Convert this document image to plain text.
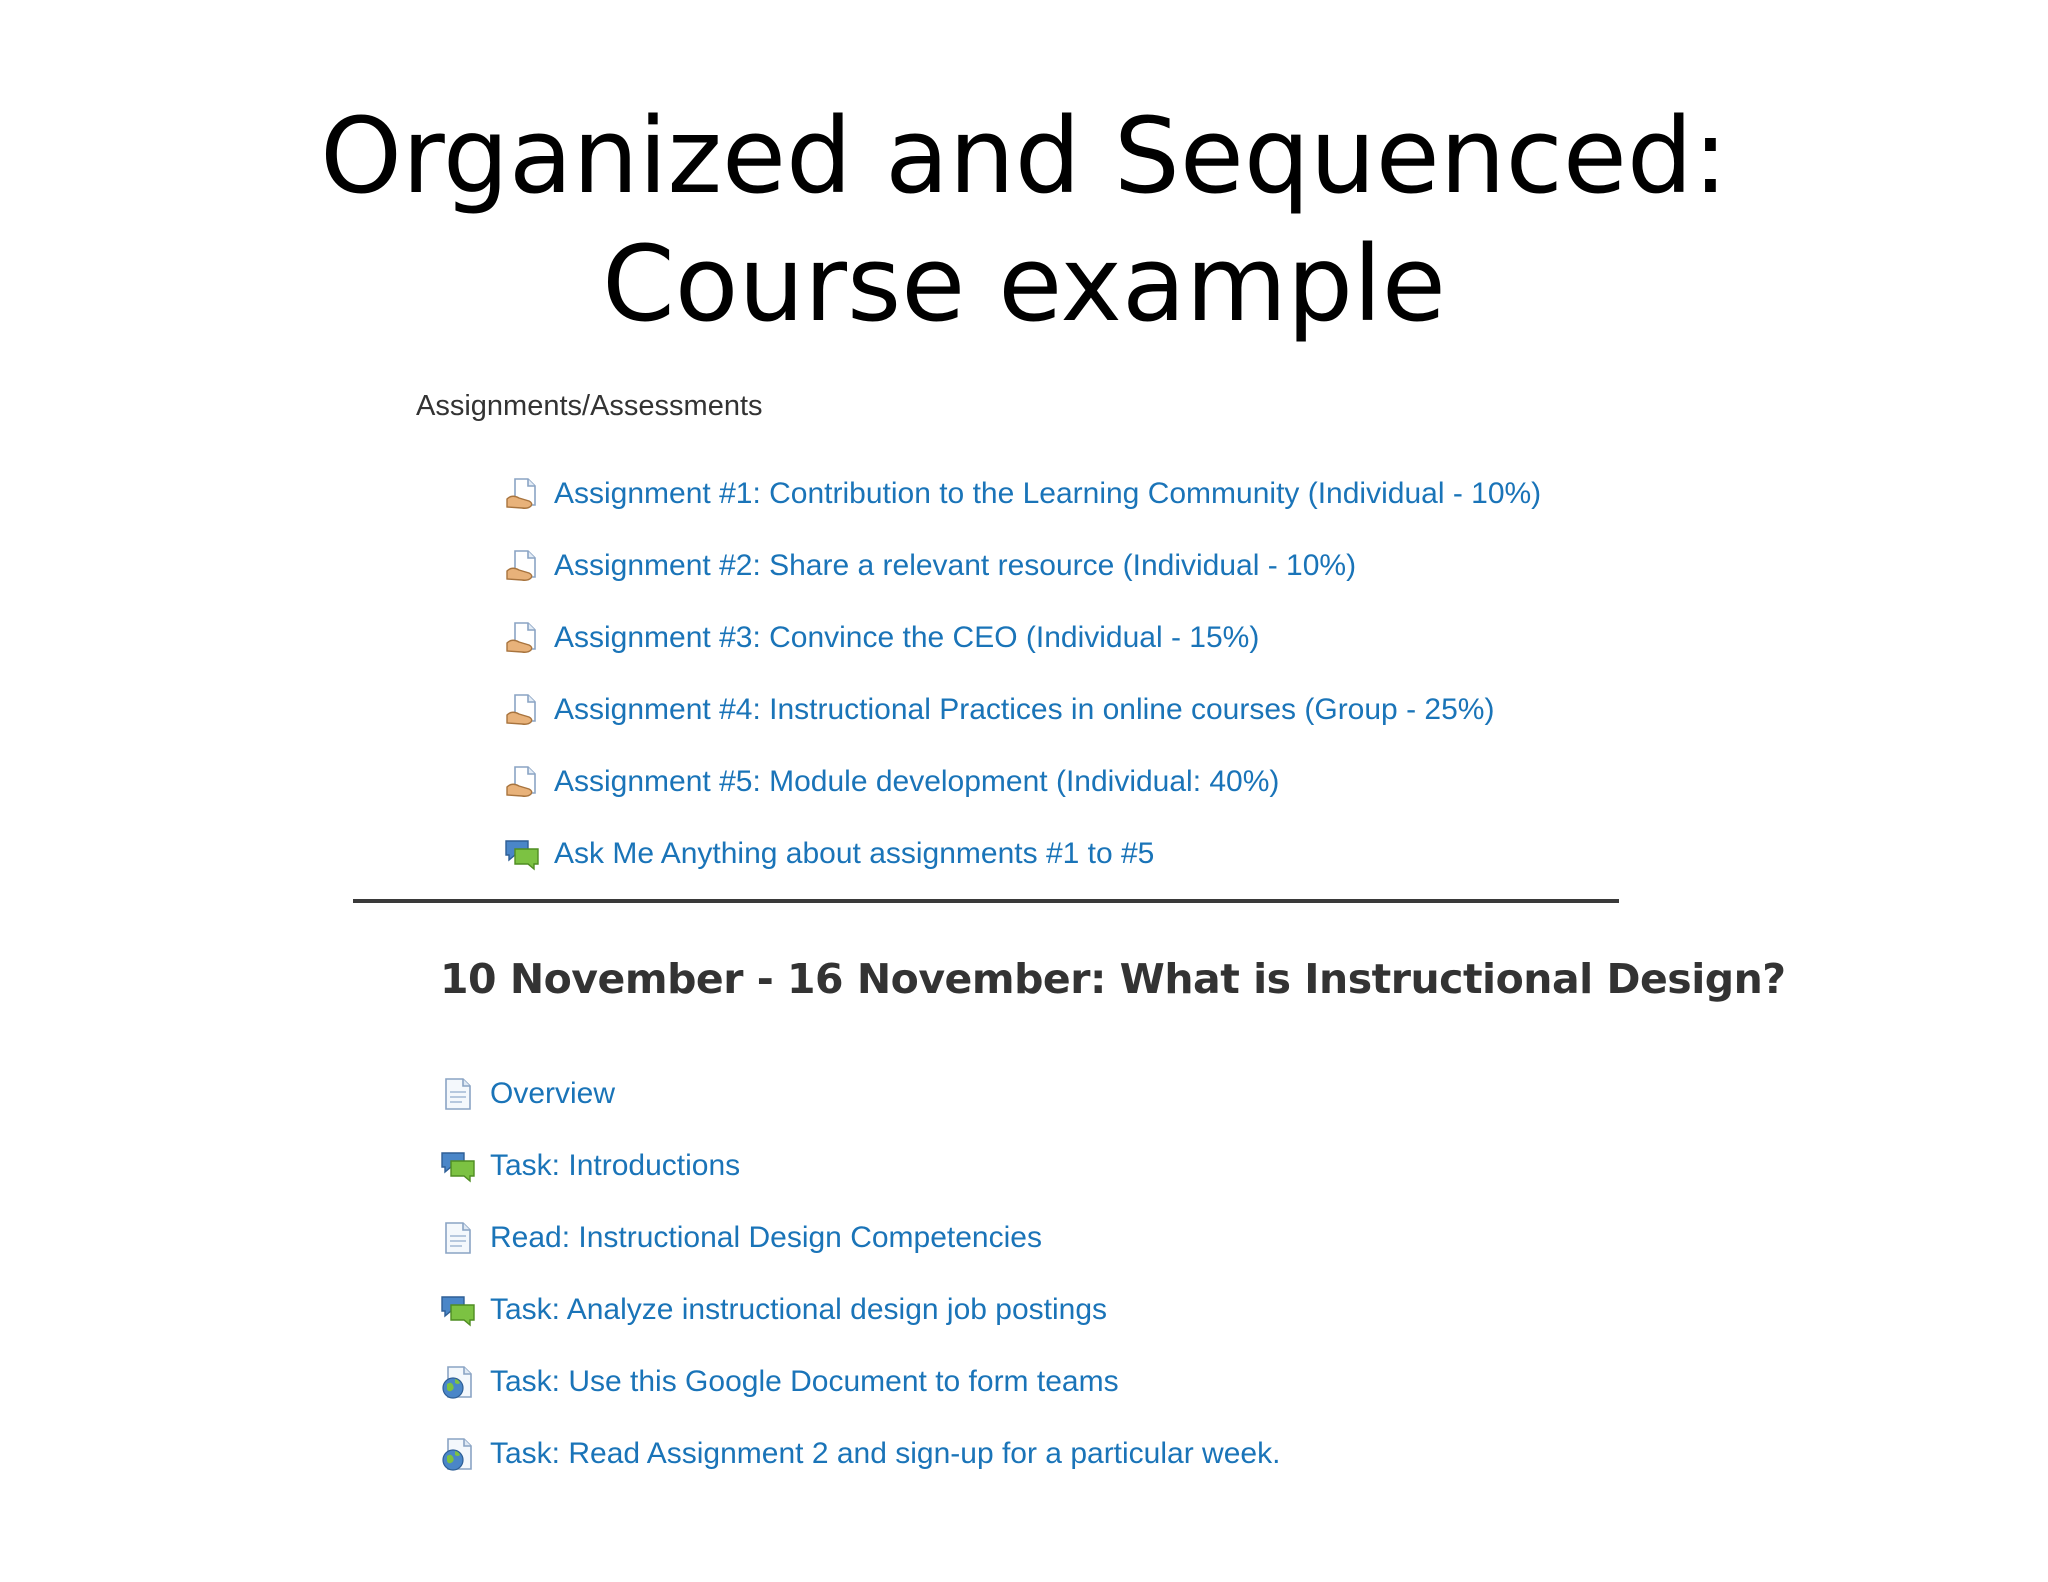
Organized and Sequenced:
Course example
Assignments/Assessments
Assignment #1: Contribution to the Learning Community (Individual - 10%)
Assignment #2: Share a relevant resource (Individual - 10%)
Assignment #3: Convince the CEO (Individual - 15%)
Assignment #4: Instructional Practices in online courses (Group - 25%)
Assignment #5: Module development (Individual: 40%)
Ask Me Anything about assignments #1 to #5
10 November - 16 November: What is Instructional Design?
Overview
Task: Introductions
Read: Instructional Design Competencies
Task: Analyze instructional design job postings
Task: Use this Google Document to form teams
Task: Read Assignment 2 and sign-up for a particular week.
